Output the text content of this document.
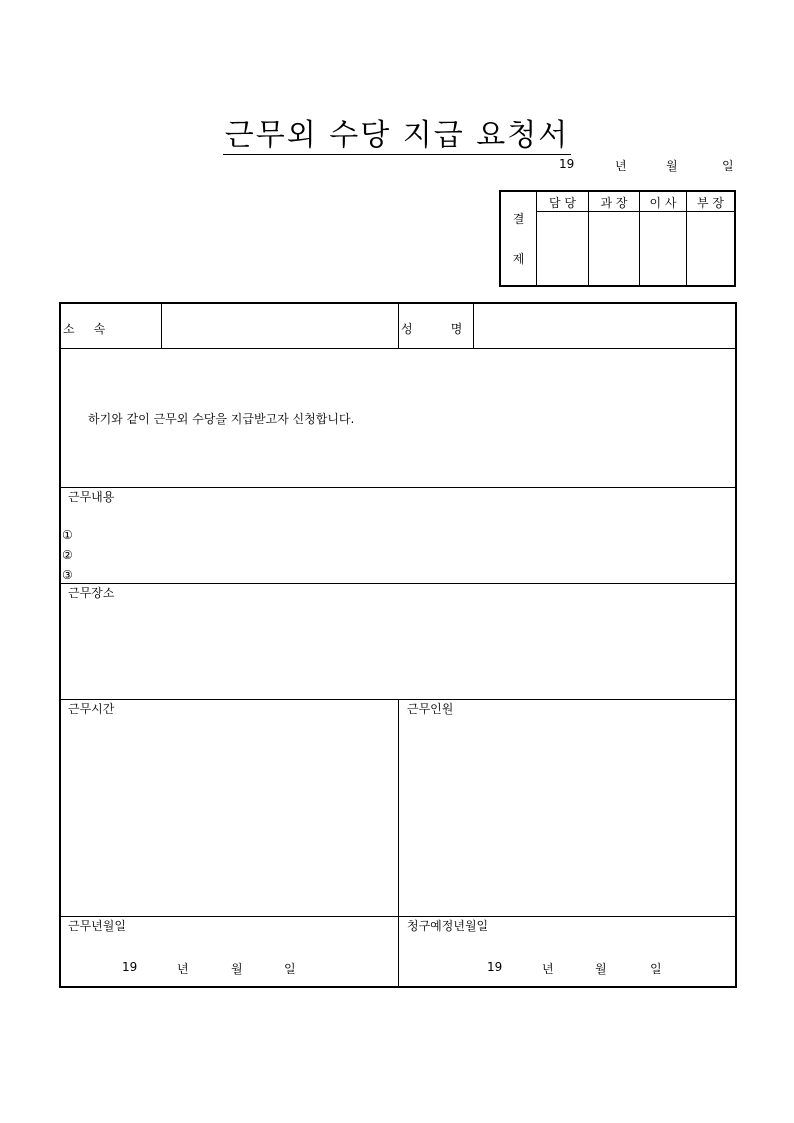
근무외 수당 지급 요청서
19	년	월	일
결
제
담 당	과 장	이 사	부 장
소     속	성          명
하기와 같이 근무외 수당을 지급받고자 신청합니다.
근무내용
①
②
③
근무장소
근무시간	근무인원
근무년월일
19	년	월	일
청구예정년월일
19	년	월	일
